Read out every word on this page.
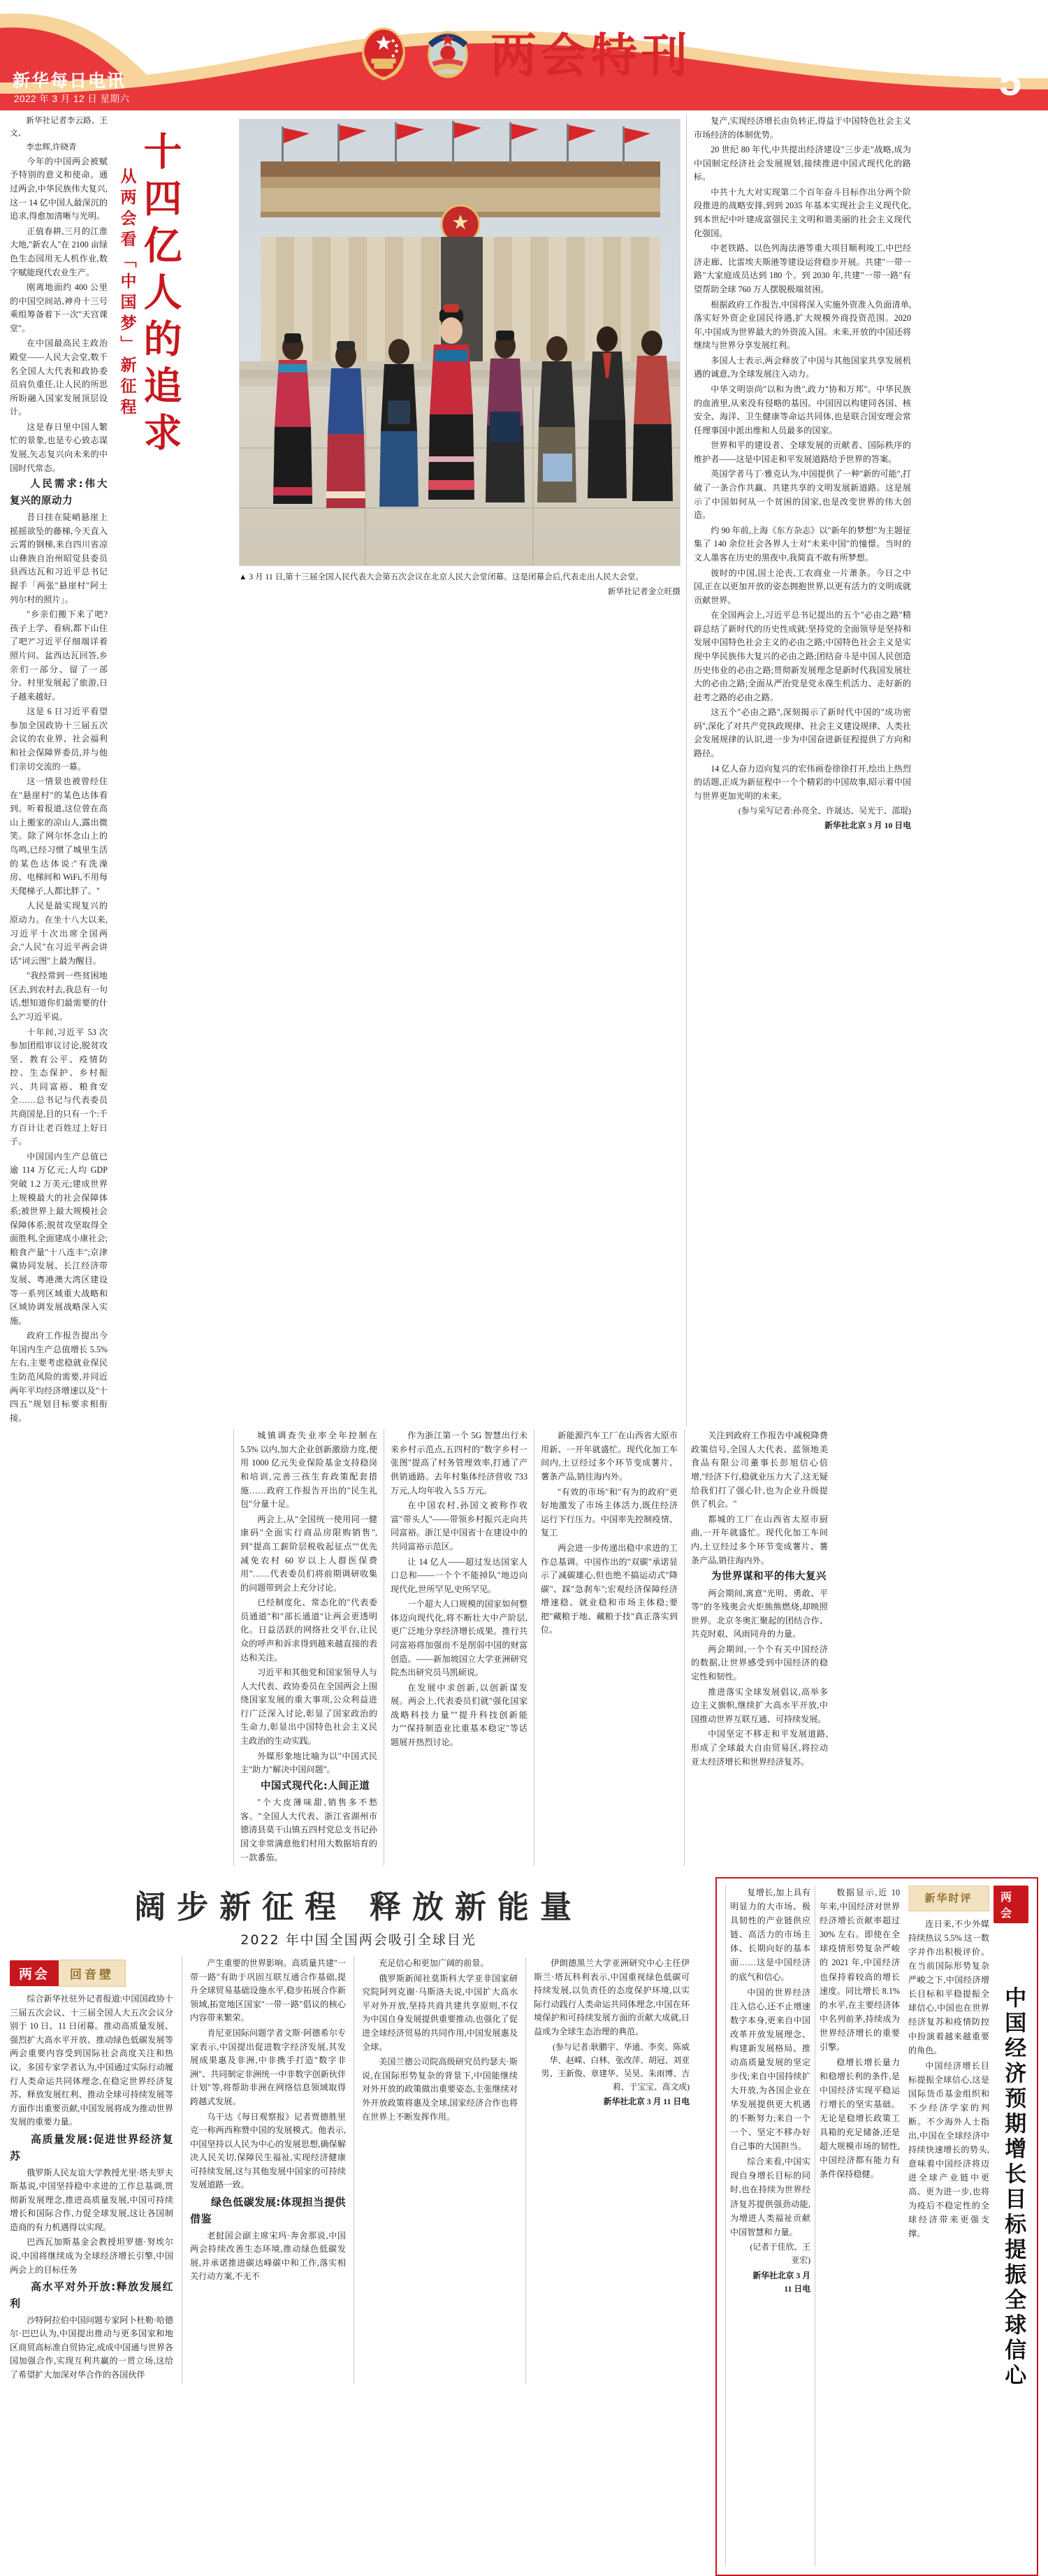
两会特刊
新华每日电讯
2022 年 3 月 12 日 星期六	5

新华社记者李云路、王文、

李忠辉,许晓青

今年的中国两会被赋予特别的意义和使命。通过两会,中华民族伟大复兴,这一 14 亿中国人最深沉的追求,得愈加清晰与光明。

正值春耕,三月的江淮大地,"新农人"在 2100 亩绿色生态园用无人机作业,数字赋能现代农业生产。

刚离地面约 400 公里的中国空间站,神舟十三号乘组筹备着下一次"天宫课堂"。

在中国最高民主政治殿堂——人民大会堂,数千名全国人大代表和政协委员肩负重任,让人民的所思所盼融入国家发展顶层设计。

这是春日里中国人繁忙的景象,也是专心致志谋发展,矢志复兴向未来的中国时代常态。

人民需求:伟大复兴的原动力

昔日挂在陡峭悬崖上摇摇欲坠的藤梯,今天直入云霄的钢梯,来自四川省凉山彝族自治州昭觉县委员县西达瓦和习近平总书记握手「两张"悬崖村"阿土列尔村的照片」。

"乡亲们搬下来了吧?孩子上学、看病,都下山住了吧?"习近平仔细端详着照片问。盆西达瓦回答,乡亲们一部分、留了一部分。村里发展起了旅游,日子越来越好。

这是 6 日习近平看望参加全国政协十三届五次会议的农业界、社会福利和社会保障界委员,并与他们亲切交流的一幕。

这一情景也被曾经住在"悬崖村"的某色达体看到。听着报道,这位曾在高山上搬家的凉山人,露出微笑。除了网尔怀念山上的鸟鸣,已经习惯了城里生活的某色达体说:"有洗澡房、电梯间和 WiFi,不用每天爬梯子,人都比胖了。"

人民是最实现复兴的原动力。在坐十八大以来,习近平十次出席全国两会,"人民"在习近平两会讲话"词云图"上最为醒目。

"我经常到一些贫困地区去,到农村去,我总有一句话,想知道你们最需要的什么?"习近平说。

十年间,习近平 53 次参加团组审议讨论,脱贫攻坚、教育公平、疫情防控、生态保护、乡村振兴、共同富裕、粮食安全……总书记与代表委员共商国是,目的只有一个:千方百计让老百姓过上好日子。

中国国内生产总值已逾 114 万亿元;人均 GDP 突破 1.2 万美元;建成世界上规模最大的社会保障体系;被世界上最大规模社会保障体系;脱贫攻坚取得全面胜利,全面建成小康社会;粮食产量"十八连丰";京津冀协同发展、长江经济带发展、粤港澳大湾区建设等一系列区域重大战略和区域协调发展战略深入实施。

政府工作报告提出今年国内生产总值增长 5.5% 左右,主要考虑稳就业保民生防范风险的需要,并同近两年平均经济增速以及"十四五"规划目标要求相衔接。

十四亿人的追求
从两会看「中国梦」新征程
▲ 3 月 11 日,第十三届全国人民代表大会第五次会议在北京人民大会堂闭幕。这是闭幕会后,代表走出人民大会堂。
新华社记者金立旺摄

复产,实现经济增长由负转正,得益于中国特色社会主义市场经济的体制优势。

20 世纪 80 年代,中共提出经济建设"三步走"战略,成为中国制定经济社会发展规划,接续推进中国式现代化的路标。

中共十九大对实现第二个百年奋斗目标作出分两个阶段推进的战略安排,到到 2035 年基本实现社会主义现代化,到本世纪中叶建成富强民主文明和谐美丽的社会主义现代化强国。

中老铁路、以色列海法港等重大项目顺利竣工,中巴经济走廊、比雷埃夫斯港等建设运营稳步开展。共建"一带一路"大家庭成员达到 180 个。到 2030 年,共建"一带一路"有望帮助全球 760 万人摆脱极端贫困。

根据政府工作报告,中国将深入实施外资准入负面清单,落实好外资企业国民待遇,扩大规模外商投资范围。2020 年,中国成为世界最大的外资流入国。未来,开放的中国还将继续与世界分享发展红利。

多国人士表示,两会释放了中国与其他国家共享发展机遇的诚意,为全球发展注入动力。

中华文明崇尚"以和为贵",政力"协和万邦"。中华民族的血液里,从来没有侵略的基因。中国因以构建同各国、核安全、海洋、卫生健康等命运共同体,也是联合国安理会常任理事国中派出维和人员最多的国家。

世界和平的建设者、全球发展的贡献者、国际秩序的维护者——这是中国走和平发展道路给予世界的答案。

英国学者马丁·雅克认为,中国提供了一种"新的可能",打破了一条合作共赢、共建共享的文明发展新道路。这是展示了中国如何从一个贫困的国家,也是改变世界的伟大创造。

约 90 年前,上海《东方杂志》以"新年的梦想"为主题征集了 140 余位社会各界人士对"未来中国"的憧憬。当时的文人墨客在历史的黑夜中,我简直不敢有所梦想。

彼时的中国,国土沦丧,工农商业一片萧条。今日之中国,正在以更加开放的姿态拥抱世界,以更有活力的文明成就贡献世界。

在全国两会上,习近平总书记提出的五个"必由之路"精辟总结了新时代的历史性成就:坚持党的全面领导是坚持和发展中国特色社会主义的必由之路;中国特色社会主义是实现中华民族伟大复兴的必由之路;团结奋斗是中国人民创造历史伟业的必由之路;贯彻新发展理念是新时代我国发展壮大的必由之路;全面从严治党是党永葆生机活力、走好新的赶考之路的必由之路。

这五个"必由之路",深刻揭示了新时代中国的"成功密码",深化了对共产党执政规律、社会主义建设规律、人类社会发展规律的认识,进一步为中国奋进新征程提供了方向和路径。

14 亿人奋力迈向复兴的宏伟画卷徐徐打开,绘出上热烈的话题,正成为新征程中一个个精彩的中国故事,昭示着中国与世界更加光明的未来。

(参与采写记者:孙亮全、许晟达、吴光于、邵琨)

新华社北京 3 月 10 日电

城镇调查失业率全年控制在 5.5% 以内,加大企业创新激励力度,便用 1000 亿元失业保险基金支持稳岗和培训,完善三孩生育政策配套措施……政府工作报告开出的"民生礼包"分量十足。

两会上,从"全国统一使用同一健康码"全面实行商品房限购销售",到"提高工薪阶层税收起征点""优先减免农村 60 岁以上人群医保费用"……代表委员们将前期调研收集的问题带到会上充分讨论。

已经制度化、常态化的"代表委员通道"和"部长通道"让两会更透明化。日益活跃的网络社交平台,让民众的呼声和诉求得到越来越直接的表达和关注。

习近平和其他党和国家领导人与人大代表、政协委员在全国两会上围绕国家发展的重大事项,公众利益进行广泛深入讨论,彰显了国家政治的生命力,彰显出中国特色社会主义民主政治的生动实践。

外媒形象地比喻为以"中国式民主"助力"解决中国问题"。

中国式现代化:人间正道

"个大皮薄味甜,销售多不愁客。"全国人大代表、浙江省湖州市德清县莫干山镇五四村党总支书记孙国文非常满意他们村用大数据培育的一款番茄。

作为浙江第一个 5G 智慧出行未来乡村示范点,五四村的"数字乡村一张图"提高了村务管理效率,打通了产供销通路。去年村集体经济营收 733 万元,人均年收入 5.5 万元。

在中国农村,孙国文被称作收富"带头人"——带领乡村振兴走向共同富裕。浙江是中国省十在建设中的共同富裕示范区。

让 14 亿人——超过发达国家人口总和——一个个不能掉队"地迈向现代化,世所罕见,史所罕见。

一个超大人口规模的国家如何整体迈向现代化,将不断壮大中产阶层,更广泛地分享经济增长成果。推行共同富裕将加强而不是削弱中国的财富创造。——新加坡国立大学亚洲研究院杰出研究员马凯硕说。

在发展中求创新,以创新谋发展。两会上,代表委员们就"强化国家战略科技力量""提升科技创新能力""保持制造业比重基本稳定"等话题展开热烈讨论。

新能源汽车工厂在山西省大原市用新、一开年就盛忙。现代化加工车间内,土豆经过多个环节变成薯片、薯条产品,销往海内外。

"有效的市场"和"有为的政府"更好地激发了市场主体活力,既住经济运行下行压力。中国率先控制疫情、复工

两会进一步传递出稳中求进的工作总基调。中国作出的"双碳"承诺显示了减碳雄心,但也绝不搞运动式"降碳"、踩"急刹车";宏观经济保障经济增速稳、就业稳和市场主体稳;要把"藏粮于地、藏粮于技"真正落实到位。

关注到政府工作报告中减税降费政策信号,全国人大代表、蓝领地美食品有限公司董事长彭旭信心倍增,"经济下行,稳就业压力大了,这无疑给我们打了强心针,也为企业升级提供了机会。"

都城的工厂在山西省太原市厨曲,一开年就盛忙。现代化加工车间内,土豆经过多个环节变成薯片、薯条产品,销往海内外。

为世界谋和平的伟大复兴

两会期间,寓意"光明、勇敢、平等"的冬残奥会火炬熊熊燃烧,却映照世界。北京冬奥汇聚起的团结合作、共克时艰、风雨同舟的力量。

两会期间,一个个有关中国经济的数据,让世界感受到中国经济的稳定性和韧性。

推进落实全球发展倡议,高举多边主义旗帜,继续扩大高水平开放,中国推动世界互联互通、可持续发展。

中国坚定不移走和平发展道路,形成了全球最大自由贸易区,将拉动亚太经济增长和世界经济复苏。

阔步新征程 释放新能量
2022 年中国全国两会吸引全球目光
两会	回音壁

综合新华社驻外记者报道:中国国政协十三届五次会议、十三届全国人大五次会议分别于 10 日、11 日闭幕。推动高质量发展、强烈扩大高水平开放、推动绿色低碳发展等两会重要内容受到国际社会高度关注和热议。多国专家学者认为,中国通过实际行动履行人类命运共同体理念,在稳定世界经济复苏、释放发展红利、推动全球可持续发展等方面作出重要贡献,中国发展将成为推动世界发展的重要力量。

高质量发展:促进世界经济复苏

俄罗斯人民友谊大学教授尤里·塔夫罗夫斯基说,中国坚持稳中求进的工作总基调,贯彻新发展理念,推进高质量发展,中国可持续增长和国际合作,力促全球发展,这让各国制造商的有力机遇得以实现。

巴西瓦加斯基金会教授坦罗德·努埃尔说,中国将继续成为全球经济增长引擎,中国两会上的目标任务

高水平对外开放:释放发展红利

沙特阿拉伯中国问题专家阿卜杜勒·哈德尔·巴巴认为,中国提出推动与更多国家和地区商贸高标准自贸协定,或成中国通与世界各国加强合作,实现互利共赢的一贯立场,这给了希望扩大加深对华合作的各国伙伴

产生重要的世界影响。高质量共建"一带一路"有助于巩固互联互通合作基础,提升全球贸易基础设施水平,稳步拓展合作新领域,拓宽地区国家"一带一路"倡议的核心内容带来繁荣。

肯尼亚国际问题学者文斯·阿德希尔专家表示,中国提出促进数字经济发展,其发展成果惠及非洲,中非携手打造"数字非洲"、共同制定非洲统一中非数字创新伙伴计划"等,将帮助非洲在网络信息领域取得跨越式发展。

乌干达《每日观察报》记者贾德胜里克一称两西称赞中国的发展模式。他表示,中国坚持以人民为中心的发展思想,确保解决人民关切,保障民生福祉,实现经济健康可持续发展,这与其他发展中国家的可持续发展道路一致。

绿色低碳发展:体现担当提供借鉴

老挝国会副主席宋玛·奔舍那说,中国两会持续改善生态环境,推动绿色低碳发展,并承诺推进碳达峰碳中和工作,落实相关行动方案,不无不

充足信心和更加广阔的前景。

俄罗斯新闻社莫斯科大学亚非国家研究院阿列克谢·马斯洛夫说,中国扩大高水平对外开放,坚持共商共建共享原则,不仅为中国自身发展提供重要推动,也强化了促进全球经济贸易的共同作用,中国发展惠及全球。

美国兰德公司院高级研究员约瑟夫·斯说,在国际形势复杂的背景下,中国能继续对外开放的政策做出重要姿态,主张继续对外开放政策将惠及全球,国家经济合作也将在世界上不断发挥作用。

伊朗德黑兰大学亚洲研究中心主任伊斯兰·塔瓦科利表示,中国重视绿色低碳可持续发展,以负责任的态度保护环境,以实际行动践行人类命运共同体理念,中国在环境保护和可持续发展方面的贡献大成就,日益成为全球生态治理的典范。

(参与记者:耿鹏宇、华通、李奕、陈威华、赵嵘、白林、张改萍、胡冠、刘亚男、王新俊、章建华、吴昊、朱雨博、吉莉、于宝宝、高文成)

新华社北京 3 月 11 日电

两会
中国经济预期增长目标提振全球信心
新华时评

连日来,不少外媒持续热议 5.5% 这一数字并作出积极评价。在当前国际形势复杂严峻之下,中国经济增长目标和平稳提振全球信心,中国也在世界经济复苏和疫情防控中扮演着越来越重要的角色。

中国经济增长目标提振全球信心,这是国际货币基金组织和不少经济学家的判断。不少海外人士指出,中国在全球经济中持续快速增长的势头,意味着中国经济将迈进全球产业链中更高、更为进一步,也将为疫后不稳定性的全球经济带来更强支撑。

数据显示,近 10 年来,中国经济对世界经济增长贡献率超过 30% 左右。即使在全球疫情形势复杂严峻的 2021 年,中国经济也保持着较高的增长速度。同比增长 8.1% 的水平,在主要经济体中名列前茅,持续成为世界经济增长的重要引擎。

稳增长增长量力和稳增长利的条件,是中国经济实现平稳运行增长的坚实基础。无论是稳增长政策工具箱的充足储备,还是超大规模市场的韧性,中国经济都有能力有条件保持稳健。

复增长,加上具有明显力的大市场、极具韧性的产业链供应链、高活力的市场主体、长期向好的基本面……这是中国经济的底气和信心。

中国的世界经济注入信心,还不止增速数字本身,更来自中国改革开放发展理念、构建新发展格局、推动高质量发展的坚定步伐;来自中国持续扩大开放,为各国企业在华发展提供更大机遇的不断努力;来自一个一个、坚定不移办好自己事的大国担当。

综合来看,中国实现自身增长目标的同时,也在持续为世界经济复苏提供强劲动能,为增进人类福祉贡献中国智慧和力量。

(记者于佳欣、王亚宏)

新华社北京 3 月 11 日电
